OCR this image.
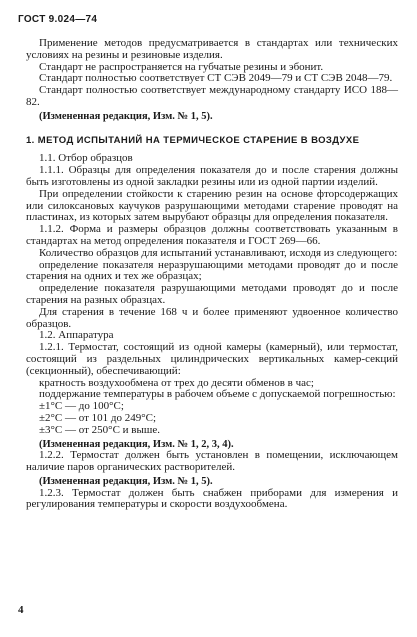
ГОСТ 9.024—74

Применение методов предусматривается в стандартах или технических условиях на резины и резиновые изделия.

Стандарт не распространяется на губчатые резины и эбонит.

Стандарт полностью соответствует СТ СЭВ 2049—79 и СТ СЭВ 2048—79.

Стандарт полностью соответствует международному стандарту ИСО 188—82.

(Измененная редакция, Изм. № 1, 5).

1. МЕТОД ИСПЫТАНИЙ НА ТЕРМИЧЕСКОЕ СТАРЕНИЕ В ВОЗДУХЕ

1.1. Отбор образцов

1.1.1. Образцы для определения показателя до и после старения должны быть изготовлены из одной закладки резины или из одной партии изделий.

При определении стойкости к старению резин на основе фторсодержащих или силоксановых каучуков разрушающими методами старение проводят на пластинах, из которых затем вырубают образцы для определения показателя.

1.1.2. Форма и размеры образцов должны соответствовать указанным в стандартах на метод определения показателя и ГОСТ 269—66.

Количество образцов для испытаний устанавливают, исходя из следующего:

определение показателя неразрушающими методами проводят до и после старения на одних и тех же образцах;

определение показателя разрушающими методами проводят до и после старения на разных образцах.

Для старения в течение 168 ч и более применяют удвоенное количество образцов.

1.2. Аппаратура

1.2.1. Термостат, состоящий из одной камеры (камерный), или термостат, состоящий из раздельных цилиндрических вертикальных камер-секций (секционный), обеспечивающий:

кратность воздухообмена от трех до десяти обменов в час;

поддержание температуры в рабочем объеме с допускаемой погрешностью:

±1°С — до 100°С;

±2°С — от 101 до 249°С;

±3°С — от 250°С и выше.

(Измененная редакция, Изм. № 1, 2, 3, 4).

1.2.2. Термостат должен быть установлен в помещении, исключающем наличие паров органических растворителей.

(Измененная редакция, Изм. № 1, 5).

1.2.3. Термостат должен быть снабжен приборами для измерения и регулирования температуры и скорости воздухообмена.

4
